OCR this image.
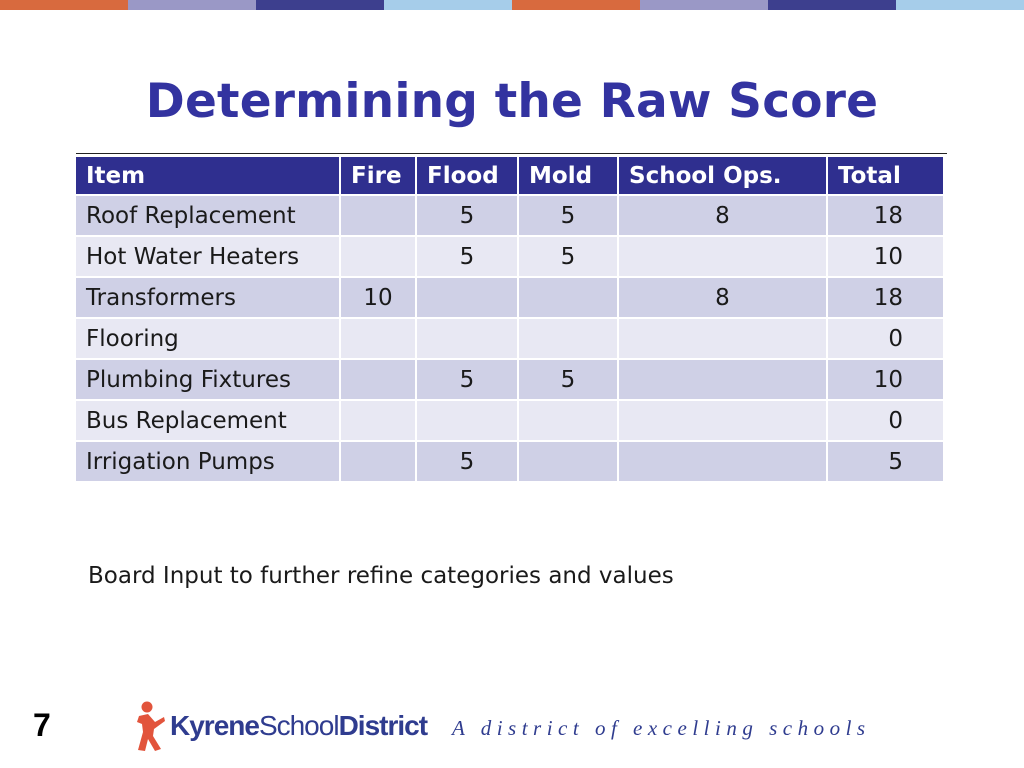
Determining the Raw Score
Item	Fire	Flood	Mold	School Ops.	Total
Roof Replacement		5	5	8	18
Hot Water Heaters		5	5		10
Transformers	10			8	18
Flooring					0
Plumbing Fixtures		5	5		10
Bus Replacement					0
Irrigation Pumps		5			5
Board Input to further refine categories and values
7	KyreneSchoolDistrict A district of excelling schools
